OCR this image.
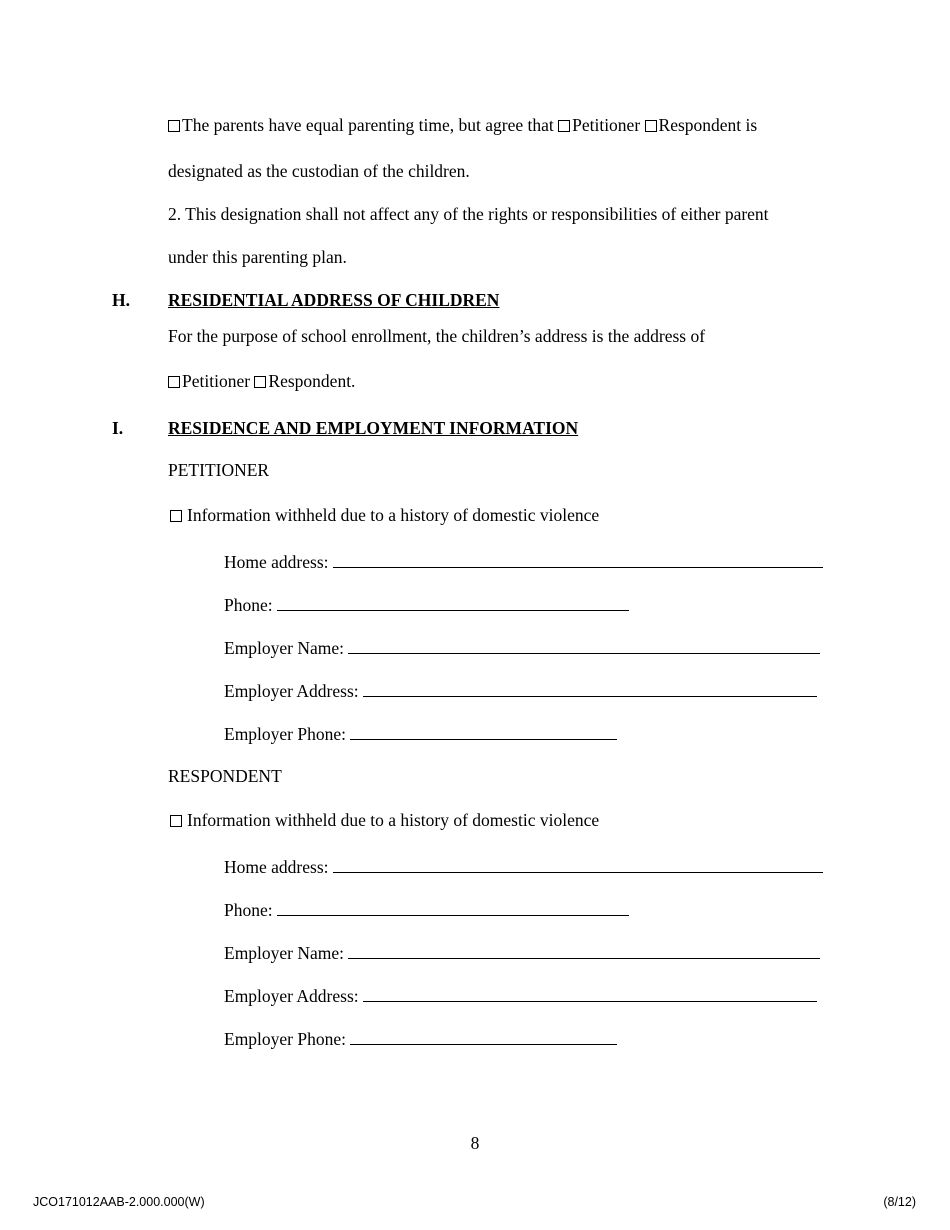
The parents have equal parenting time, but agree that Petitioner Respondent is
designated as the custodian of the children.
2. This designation shall not affect any of the rights or responsibilities of either parent
under this parenting plan.
H. RESIDENTIAL ADDRESS OF CHILDREN
For the purpose of school enrollment, the children’s address is the address of
Petitioner Respondent.
I.	RESIDENCE AND EMPLOYMENT INFORMATION
PETITIONER
Information withheld due to a history of domestic violence
Home address:
Phone:
Employer Name:
Employer Address:
Employer Phone:
RESPONDENT
Information withheld due to a history of domestic violence
Home address:
Phone:
Employer Name:
Employer Address:
Employer Phone:
8
JCO171012AAB-2.000.000(W)	(8/12)
